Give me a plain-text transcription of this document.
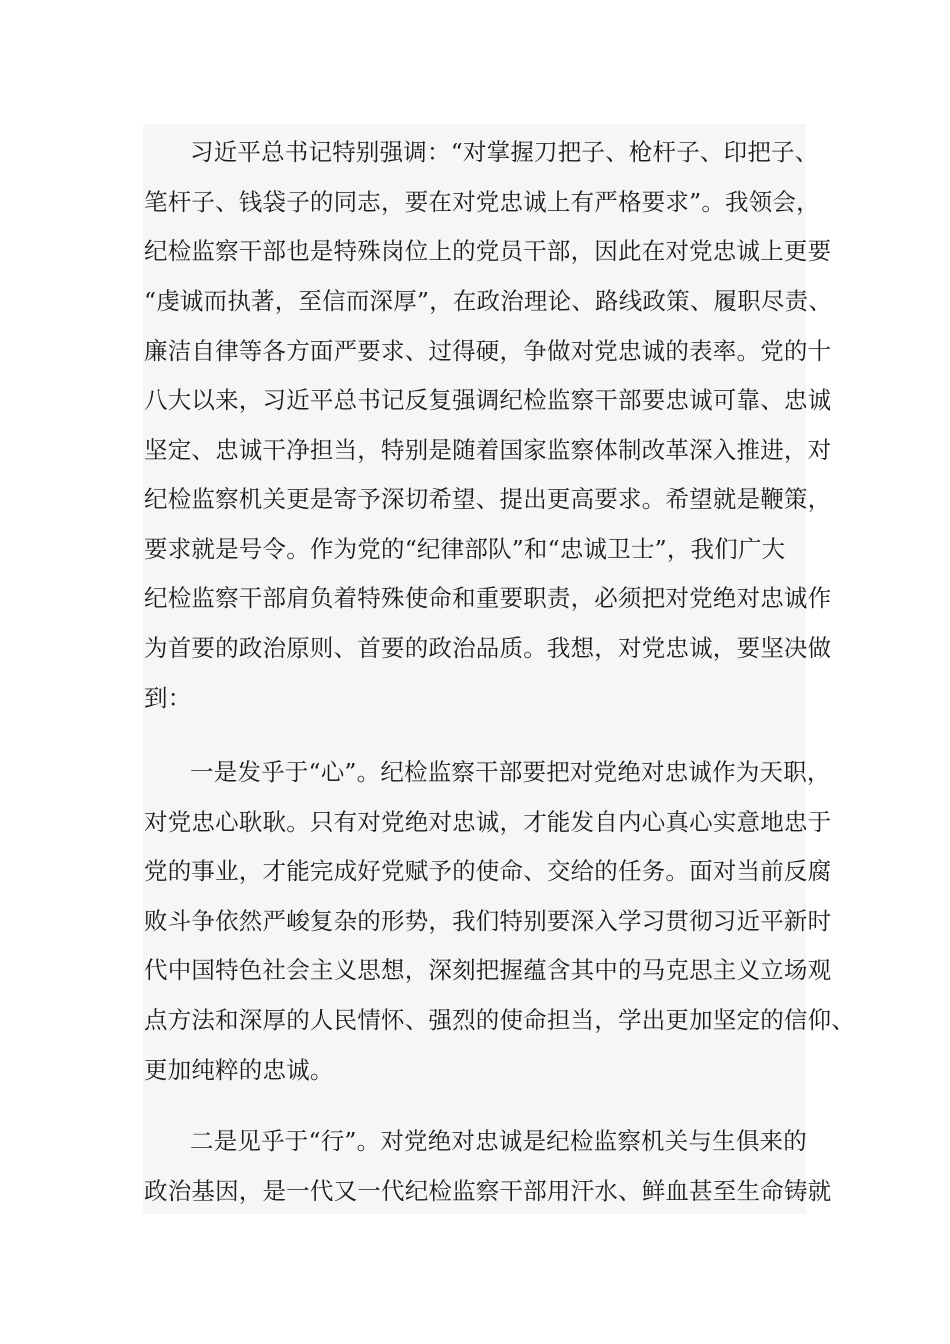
习近平总书记特别强调：“对掌握刀把子、枪杆子、印把子、
笔杆子、钱袋子的同志，要在对党忠诚上有严格要求”。我领会，
纪检监察干部也是特殊岗位上的党员干部，因此在对党忠诚上更要
“虔诚而执著，至信而深厚”，在政治理论、路线政策、履职尽责、
廉洁自律等各方面严要求、过得硬，争做对党忠诚的表率。党的十
八大以来，习近平总书记反复强调纪检监察干部要忠诚可靠、忠诚
坚定、忠诚干净担当，特别是随着国家监察体制改革深入推进，对
纪检监察机关更是寄予深切希望、提出更高要求。希望就是鞭策，
要求就是号令。作为党的“纪律部队”和“忠诚卫士”，我们广大
纪检监察干部肩负着特殊使命和重要职责，必须把对党绝对忠诚作
为首要的政治原则、首要的政治品质。我想，对党忠诚，要坚决做
到：
一是发乎于“心”。纪检监察干部要把对党绝对忠诚作为天职，
对党忠心耿耿。只有对党绝对忠诚，才能发自内心真心实意地忠于
党的事业，才能完成好党赋予的使命、交给的任务。面对当前反腐
败斗争依然严峻复杂的形势，我们特别要深入学习贯彻习近平新时
代中国特色社会主义思想，深刻把握蕴含其中的马克思主义立场观
点方法和深厚的人民情怀、强烈的使命担当，学出更加坚定的信仰、
更加纯粹的忠诚。
二是见乎于“行”。对党绝对忠诚是纪检监察机关与生俱来的
政治基因，是一代又一代纪检监察干部用汗水、鲜血甚至生命铸就
